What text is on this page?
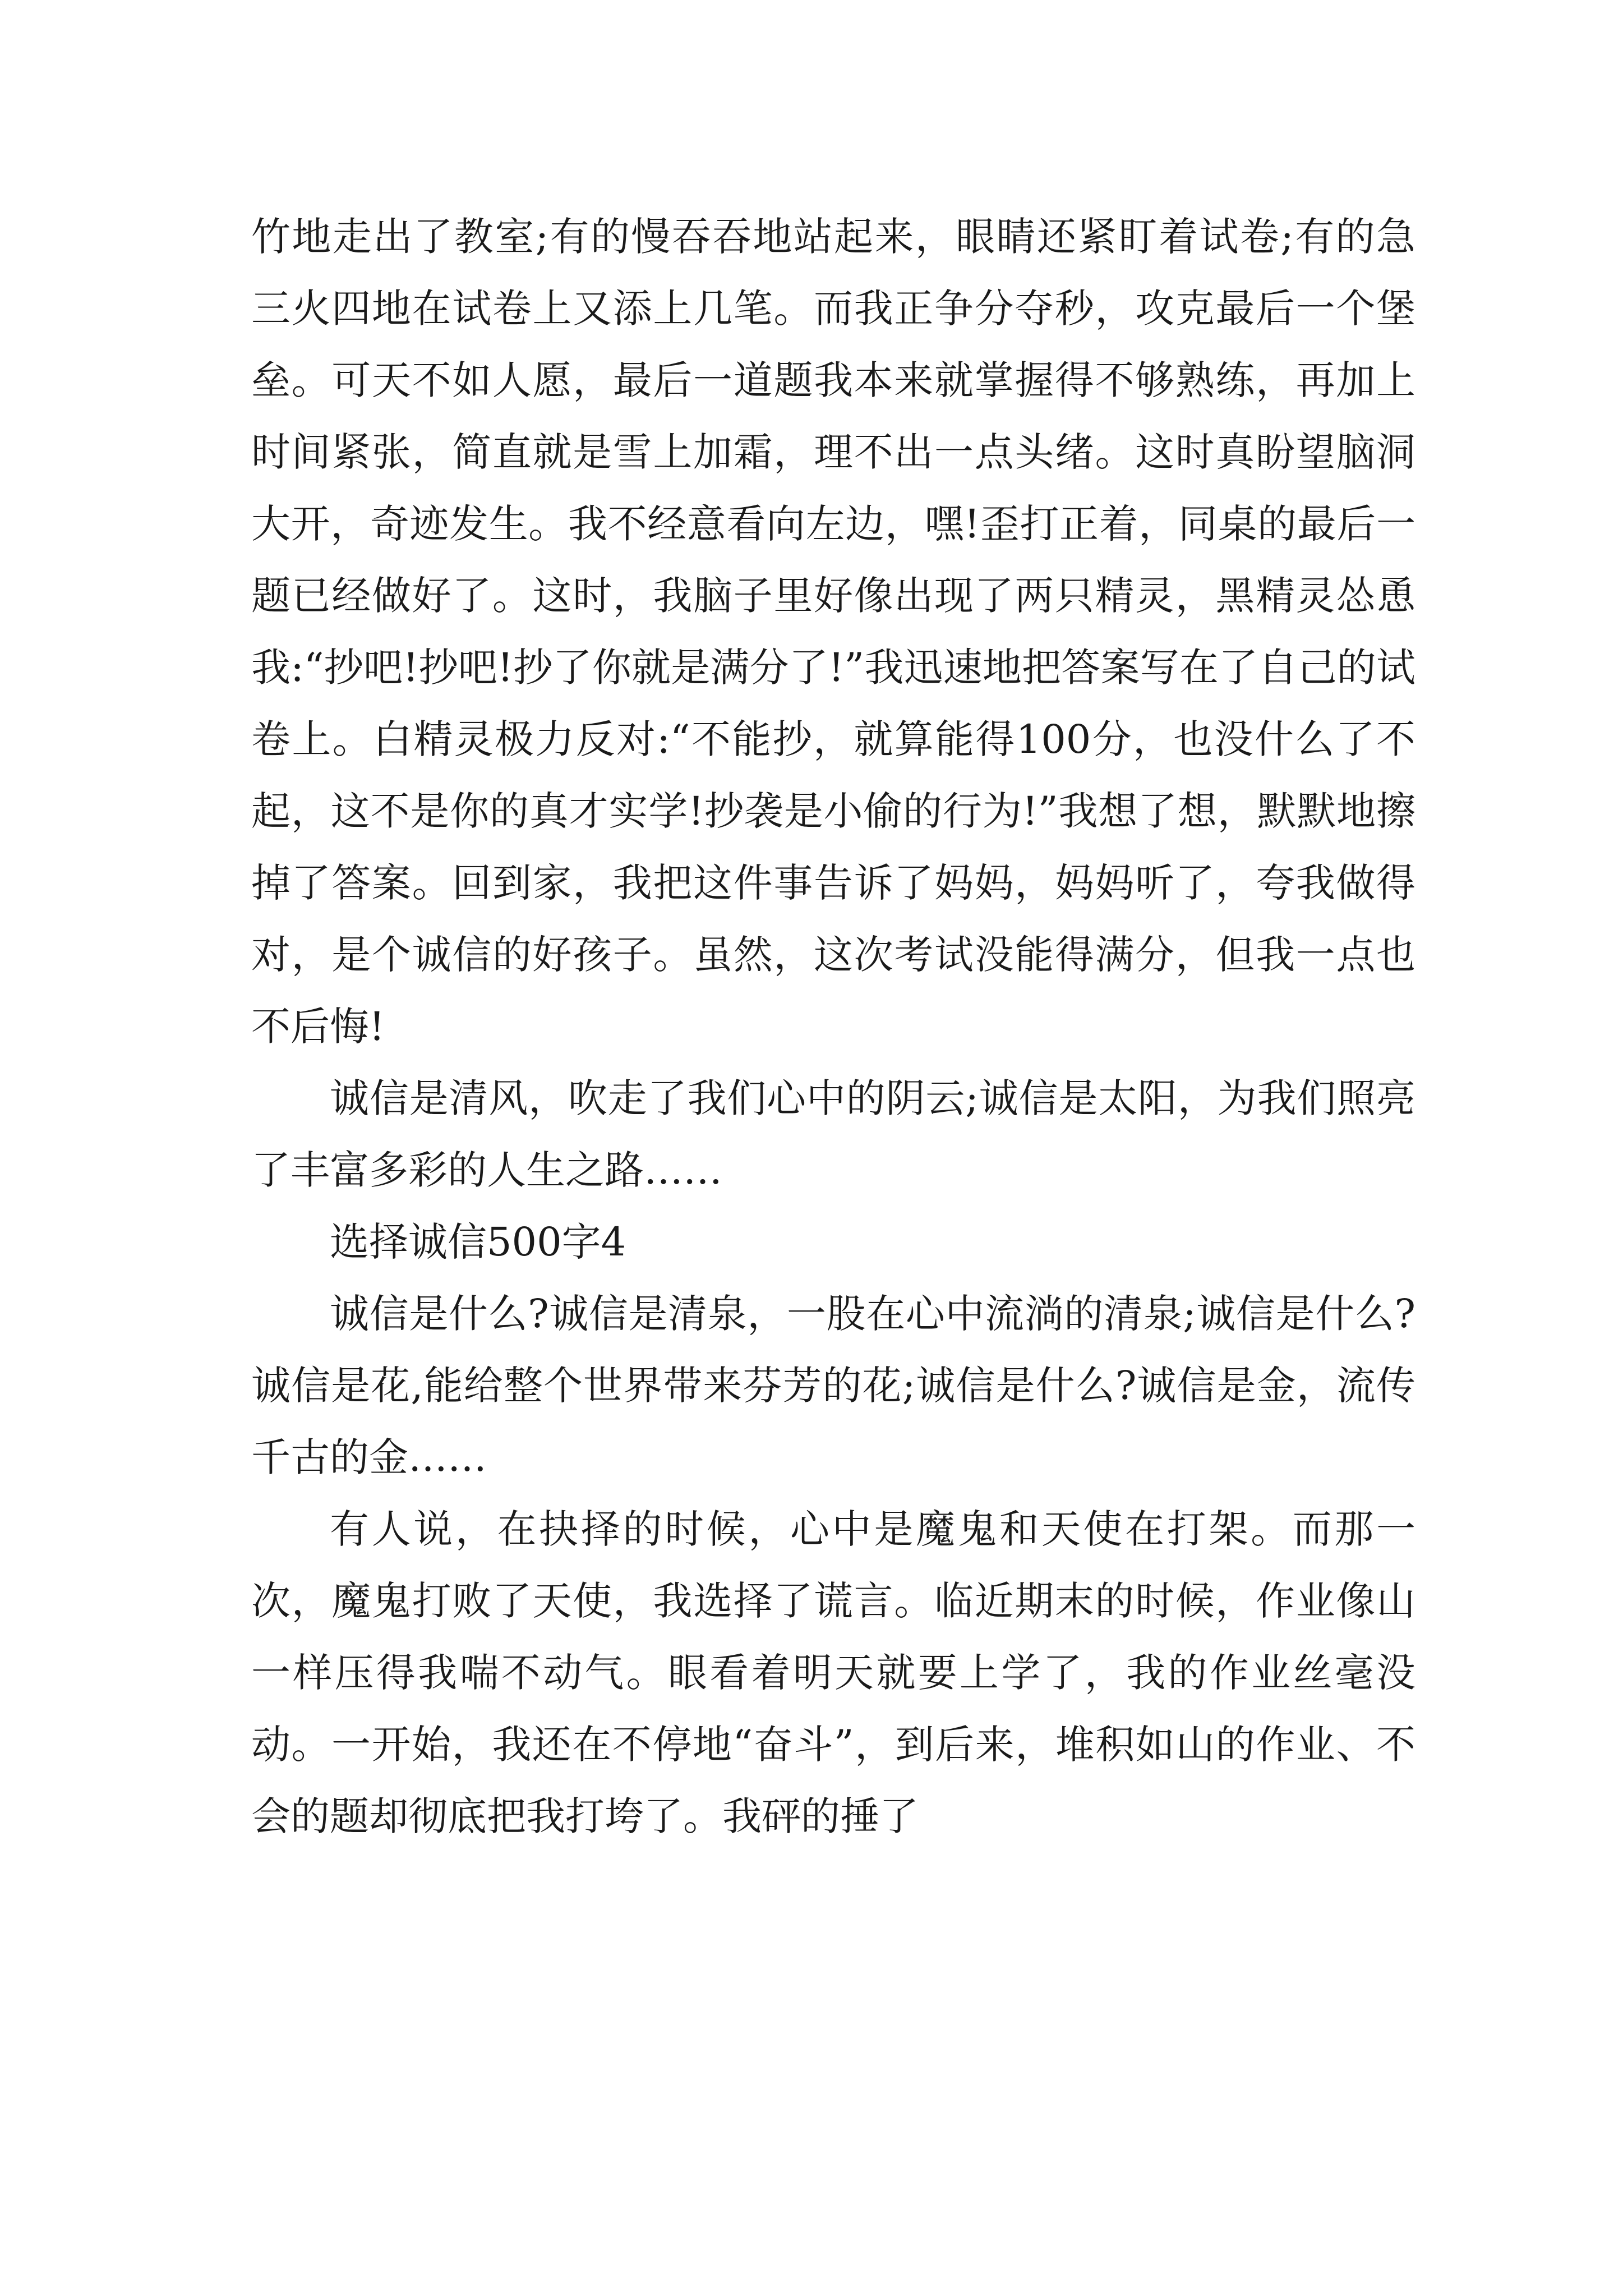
竹地走出了教室;有的慢吞吞地站起来，眼睛还紧盯着试卷;有的急三火四地在试卷上又添上几笔。而我正争分夺秒，攻克最后一个堡垒。可天不如人愿，最后一道题我本来就掌握得不够熟练，再加上时间紧张，简直就是雪上加霜，理不出一点头绪。这时真盼望脑洞大开，奇迹发生。我不经意看向左边，嘿!歪打正着，同桌的最后一题已经做好了。这时，我脑子里好像出现了两只精灵，黑精灵怂恿我:“抄吧!抄吧!抄了你就是满分了!”我迅速地把答案写在了自己的试卷上。白精灵极力反对:“不能抄，就算能得100分，也没什么了不起，这不是你的真才实学!抄袭是小偷的行为!”我想了想，默默地擦掉了答案。回到家，我把这件事告诉了妈妈，妈妈听了，夸我做得对，是个诚信的好孩子。虽然，这次考试没能得满分，但我一点也不后悔!

诚信是清风，吹走了我们心中的阴云;诚信是太阳，为我们照亮了丰富多彩的人生之路……

选择诚信500字4

诚信是什么?诚信是清泉，一股在心中流淌的清泉;诚信是什么?诚信是花,能给整个世界带来芬芳的花;诚信是什么?诚信是金，流传千古的金……

有人说，在抉择的时候，心中是魔鬼和天使在打架。而那一次，魔鬼打败了天使，我选择了谎言。临近期末的时候，作业像山一样压得我喘不动气。眼看着明天就要上学了，我的作业丝毫没动。一开始，我还在不停地“奋斗”，到后来，堆积如山的作业、不会的题却彻底把我打垮了。我砰的捶了
